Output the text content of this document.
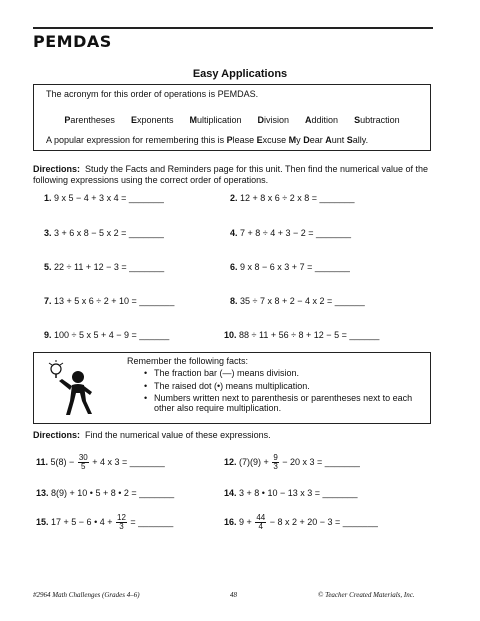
PEMDAS
Easy Applications

The acronym for this order of operations is PEMDAS.

Parentheses Exponents Multiplication Division Addition Subtraction

A popular expression for remembering this is Please Excuse My Dear Aunt Sally.

Directions: Study the Facts and Reminders page for this unit. Then find the numerical value of the following expressions using the correct order of operations.
1. 9 x 5 − 4 + 3 x 4 = _______	2. 12 + 8 x 6 ÷ 2 x 8 = _______
3. 3 + 6 x 8 − 5 x 2 = _______	4. 7 + 8 ÷ 4 + 3 − 2 = _______
5. 22 ÷ 11 + 12 − 3 = _______	6. 9 x 8 − 6 x 3 + 7 = _______
7. 13 + 5 x 6 ÷ 2 + 10 = _______	8. 35 ÷ 7 x 8 + 2 − 4 x 2 = ______
9. 100 ÷ 5 x 5 + 4 − 9 = ______	10. 88 ÷ 11 + 56 ÷ 8 + 12 − 5 = ______
Remember the following facts:
• The fraction bar (—) means division.
• The raised dot (•) means multiplication.
• Numbers written next to parenthesis or parentheses next to each other also require multiplication.
Directions: Find the numerical value of these expressions.
11. $5(8) - \frac{30}{5} + 4$ x 3 = _______	12. $(7)(9) + \frac{9}{3} - 20$ x 3 = _______
13. 8(9) + 10 • 5 + 8 • 2 = _______	14. 3 + 8 • 10 − 13 x 3 = _______
15. 17 + 5 − 6 • $4 + \frac{12}{3}$ = _______	16. $9 + \frac{44}{4} - 8$ x 2 + 20 − 3 = _______
#2964 Math Challenges (Grades 4–6)	48	© Teacher Created Materials, Inc.
